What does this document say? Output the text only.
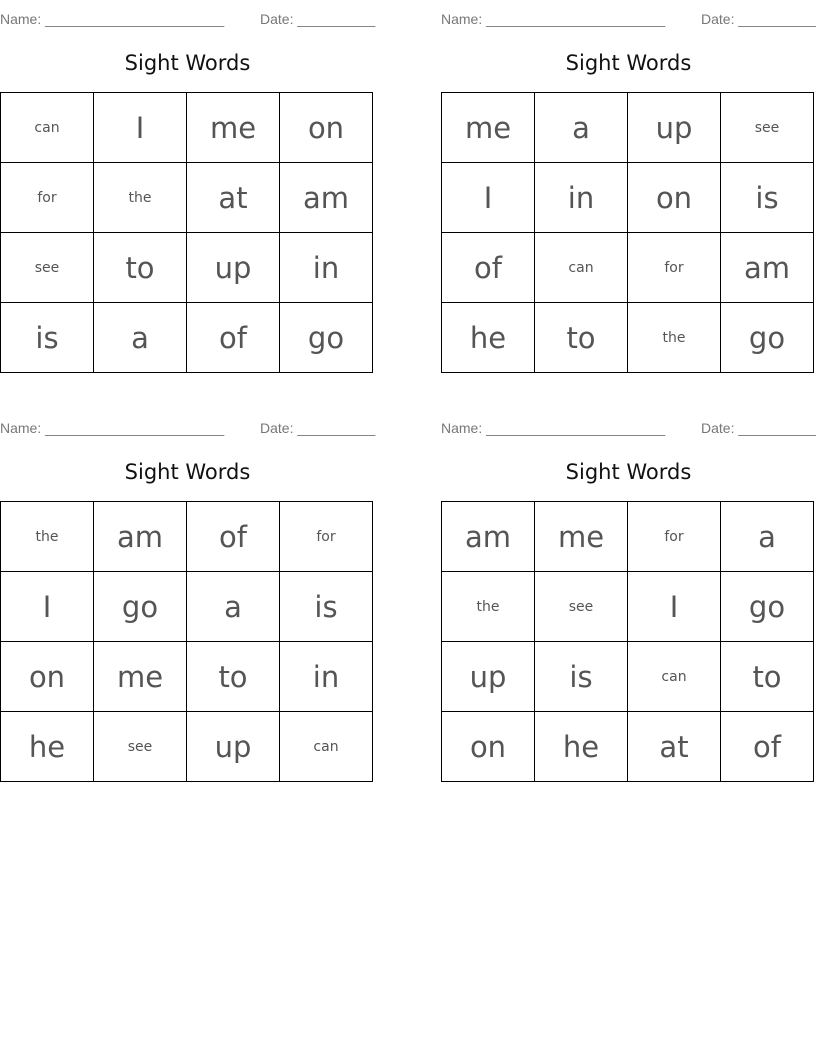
Name: _______________________	Date: __________
Sight Words
can	I	me	on
for	the	at	am
see	to	up	in
is	a	of	go
Name: _______________________	Date: __________
Sight Words
me	a	up	see
I	in	on	is
of	can	for	am
he	to	the	go
Name: _______________________	Date: __________
Sight Words
the	am	of	for
I	go	a	is
on	me	to	in
he	see	up	can
Name: _______________________	Date: __________
Sight Words
am	me	for	a
the	see	I	go
up	is	can	to
on	he	at	of
